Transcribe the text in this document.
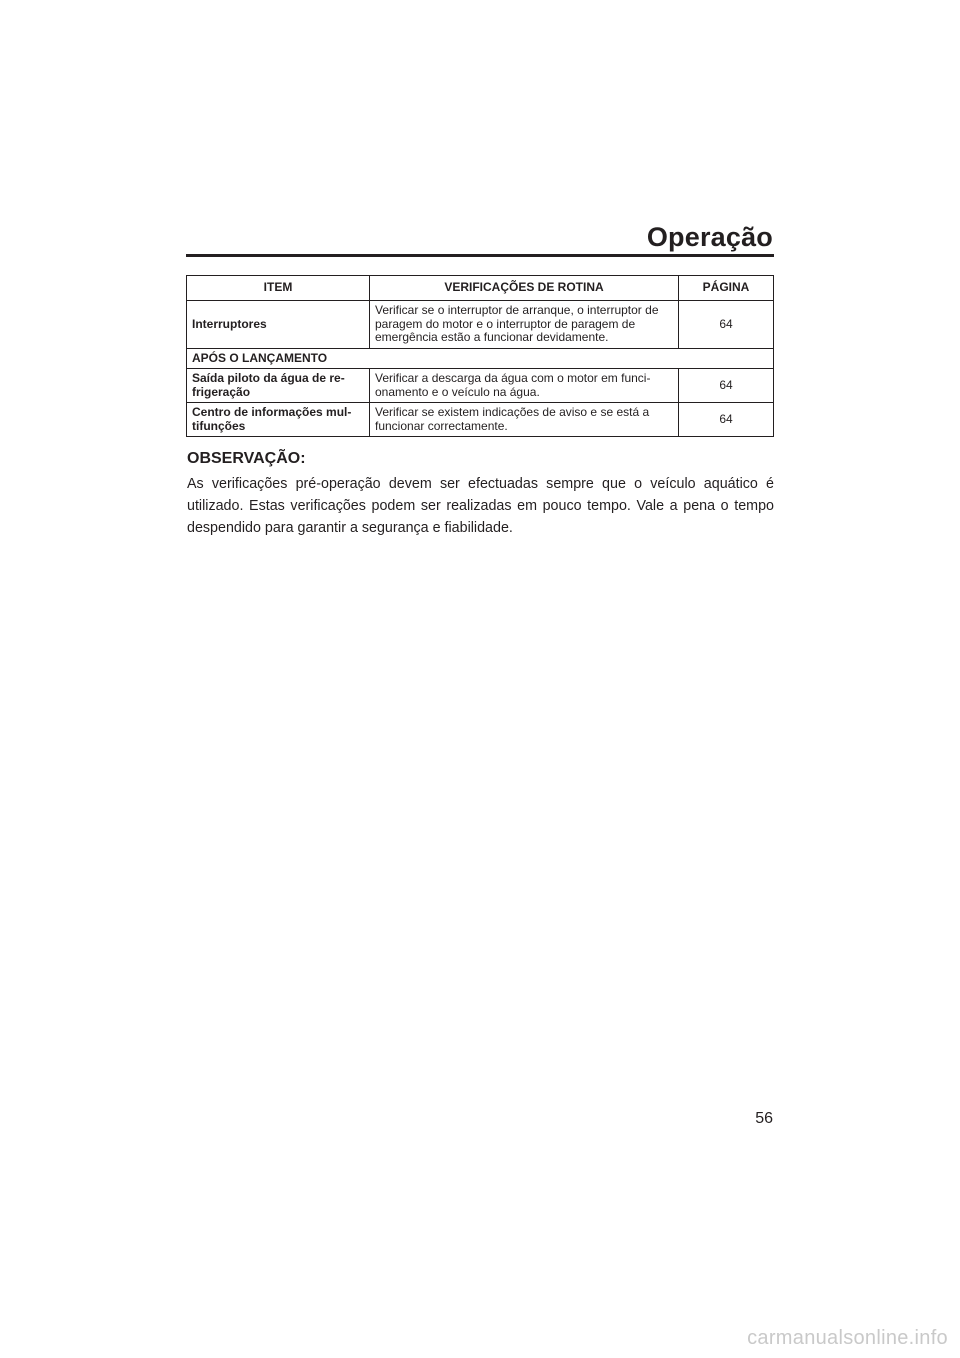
Operação
ITEM	VERIFICAÇÕES DE ROTINA	PÁGINA
Interruptores	Verificar se o interruptor de arranque, o interruptor de paragem do motor e o interruptor de paragem de emergência estão a funcionar devidamente.	64
APÓS O LANÇAMENTO		
Saída piloto da água de re-frigeração	Verificar a descarga da água com o motor em funci-onamento e o veículo na água.	64
Centro de informações mul-tifunções	Verificar se existem indicações de aviso e se está a funcionar correctamente.	64
OBSERVAÇÃO:
As verificações pré-operação devem ser efectuadas sempre que o veículo aquático é utilizado. Estas verificações podem ser realizadas em pouco tempo. Vale a pena o tempo despendido para garantir a segurança e fiabilidade.
56
carmanualsonline.info
